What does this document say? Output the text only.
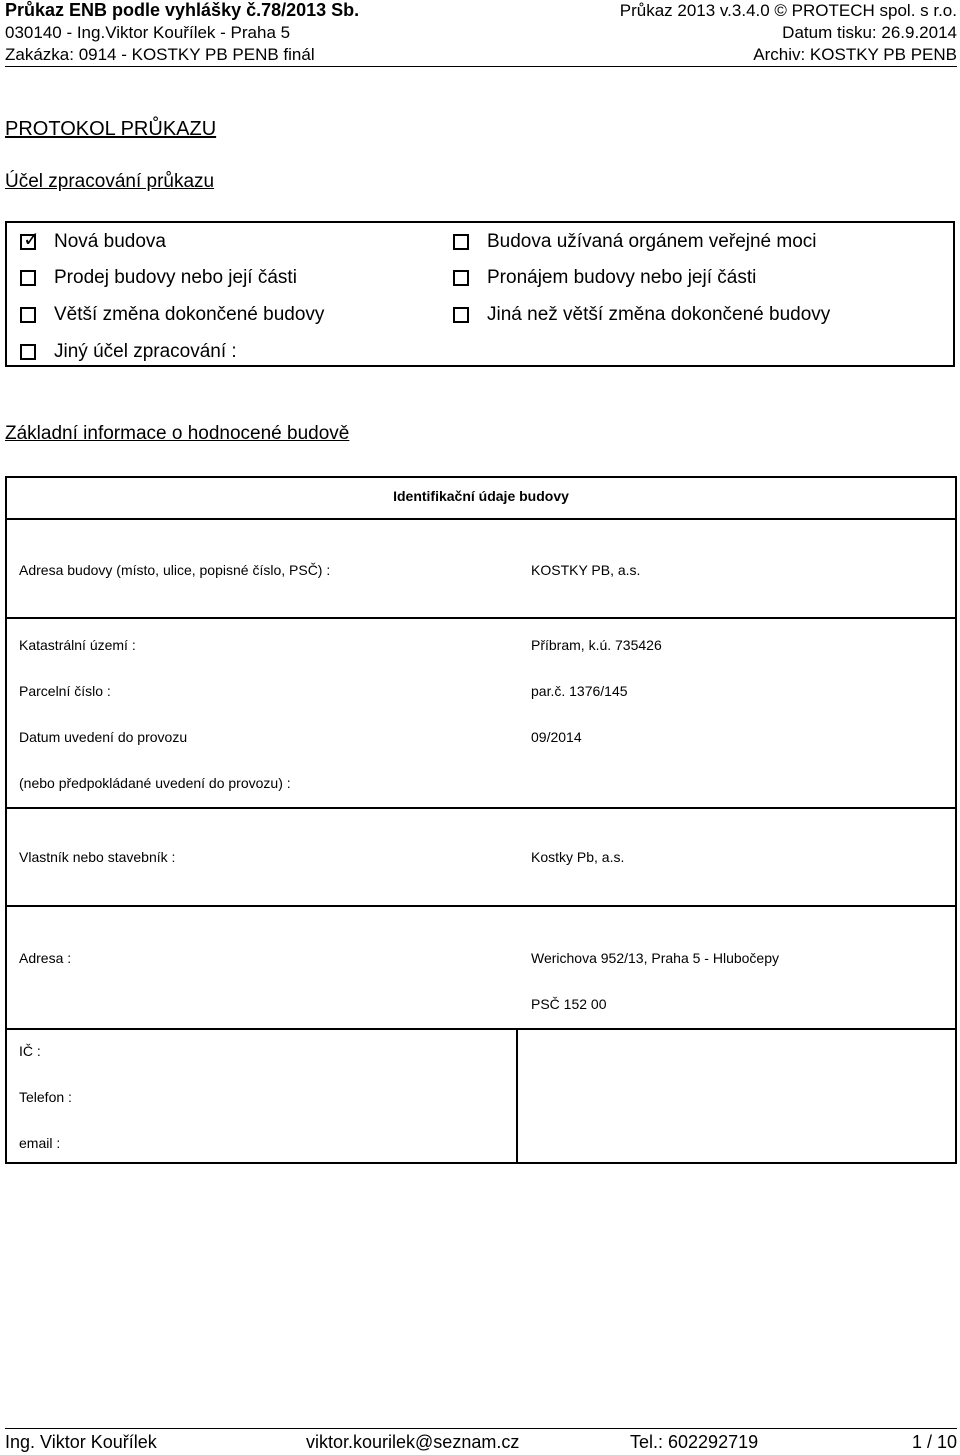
Průkaz ENB podle vyhlášky č.78/2013 Sb.	Průkaz 2013 v.3.4.0 © PROTECH spol. s r.o.
030140 - Ing.Viktor Kouřílek - Praha 5	Datum tisku: 26.9.2014
Zakázka: 0914 - KOSTKY PB PENB finál	Archiv: KOSTKY PB PENB
PROTOKOL PRŮKAZU
Účel zpracování průkazu
✓ Nová budova
Prodej budovy nebo její části
Větší změna dokončené budovy
Jiný účel zpracování :
Budova užívaná orgánem veřejné moci
Pronájem budovy nebo její části
Jiná než větší změna dokončené budovy
Základní informace o hodnocené budově
Identifikační údaje budovy
Adresa budovy (místo, ulice, popisné číslo, PSČ) :	KOSTKY PB, a.s.
Katastrální území :	Příbram, k.ú. 735426
Parcelní číslo :	par.č. 1376/145
Datum uvedení do provozu	09/2014
(nebo předpokládané uvedení do provozu) :
Vlastník nebo stavebník :	Kostky Pb, a.s.
Adresa :	Werichova 952/13, Praha 5 - Hlubočepy
PSČ 152 00
IČ :
Telefon :
email :
Ing. Viktor Kouřílek	viktor.kourilek@seznam.cz	Tel.: 602292719	1 / 10
